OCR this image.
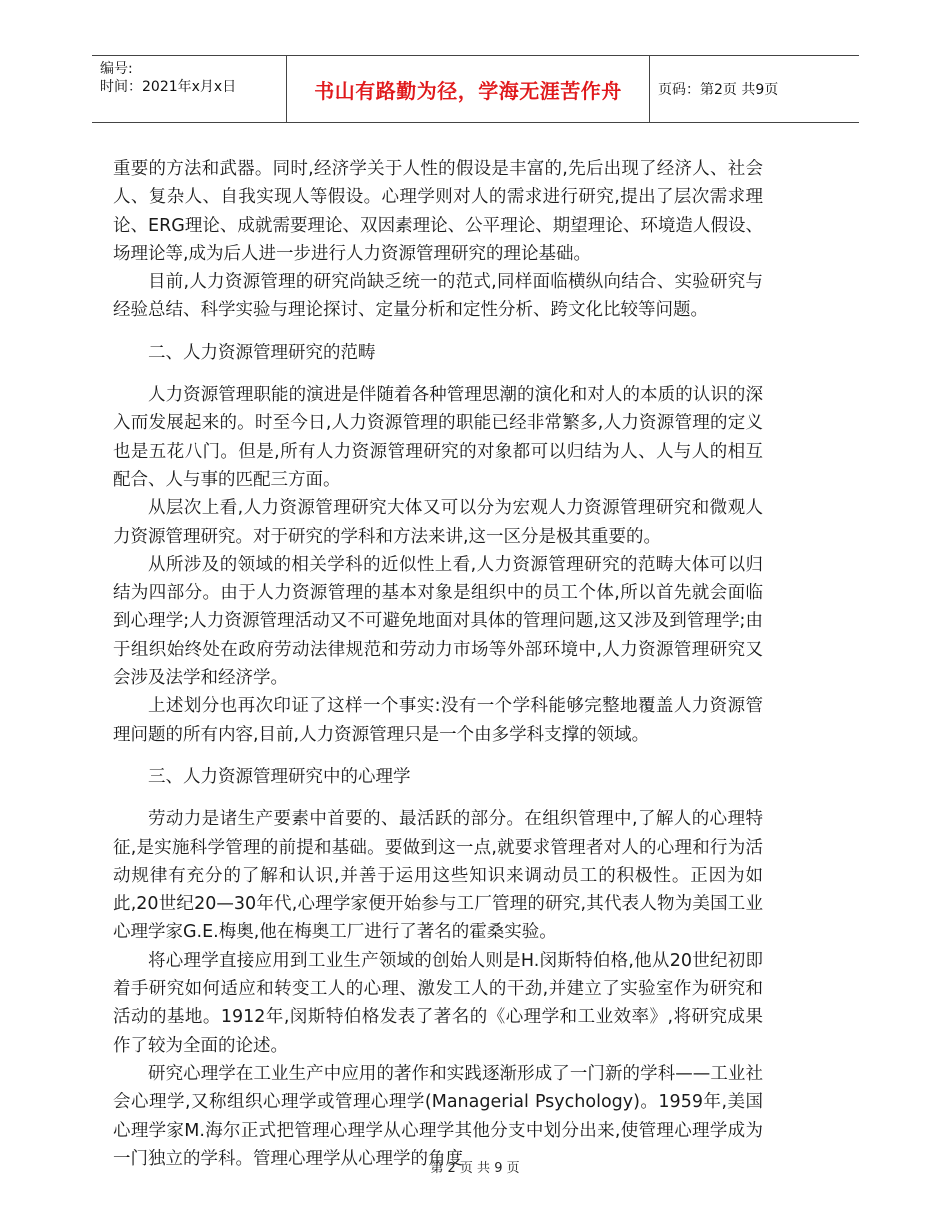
编号:
时间：2021年x月x日	书山有路勤为径，学海无涯苦作舟	页码：第2页 共9页

重要的方法和武器。同时,经济学关于人性的假设是丰富的,先后出现了经济人、社会人、复杂人、自我实现人等假设。心理学则对人的需求进行研究,提出了层次需求理论、ERG理论、成就需要理论、双因素理论、公平理论、期望理论、环境造人假设、场理论等,成为后人进一步进行人力资源管理研究的理论基础。

目前,人力资源管理的研究尚缺乏统一的范式,同样面临横纵向结合、实验研究与经验总结、科学实验与理论探讨、定量分析和定性分析、跨文化比较等问题。

二、人力资源管理研究的范畴

人力资源管理职能的演进是伴随着各种管理思潮的演化和对人的本质的认识的深入而发展起来的。时至今日,人力资源管理的职能已经非常繁多,人力资源管理的定义也是五花八门。但是,所有人力资源管理研究的对象都可以归结为人、人与人的相互配合、人与事的匹配三方面。

从层次上看,人力资源管理研究大体又可以分为宏观人力资源管理研究和微观人力资源管理研究。对于研究的学科和方法来讲,这一区分是极其重要的。

从所涉及的领域的相关学科的近似性上看,人力资源管理研究的范畴大体可以归结为四部分。由于人力资源管理的基本对象是组织中的员工个体,所以首先就会面临到心理学;人力资源管理活动又不可避免地面对具体的管理问题,这又涉及到管理学;由于组织始终处在政府劳动法律规范和劳动力市场等外部环境中,人力资源管理研究又会涉及法学和经济学。

上述划分也再次印证了这样一个事实:没有一个学科能够完整地覆盖人力资源管理问题的所有内容,目前,人力资源管理只是一个由多学科支撑的领域。

三、人力资源管理研究中的心理学

劳动力是诸生产要素中首要的、最活跃的部分。在组织管理中,了解人的心理特征,是实施科学管理的前提和基础。要做到这一点,就要求管理者对人的心理和行为活动规律有充分的了解和认识,并善于运用这些知识来调动员工的积极性。正因为如此,20世纪20—30年代,心理学家便开始参与工厂管理的研究,其代表人物为美国工业心理学家G.E.梅奥,他在梅奥工厂进行了著名的霍桑实验。

将心理学直接应用到工业生产领域的创始人则是H.闵斯特伯格,他从20世纪初即着手研究如何适应和转变工人的心理、激发工人的干劲,并建立了实验室作为研究和活动的基地。1912年,闵斯特伯格发表了著名的《心理学和工业效率》,将研究成果作了较为全面的论述。

研究心理学在工业生产中应用的著作和实践逐渐形成了一门新的学科——工业社会心理学,又称组织心理学或管理心理学(Managerial Psychology)。1959年,美国心理学家M.海尔正式把管理心理学从心理学其他分支中划分出来,使管理心理学成为一门独立的学科。管理心理学从心理学的角度

第 2 页 共 9 页
